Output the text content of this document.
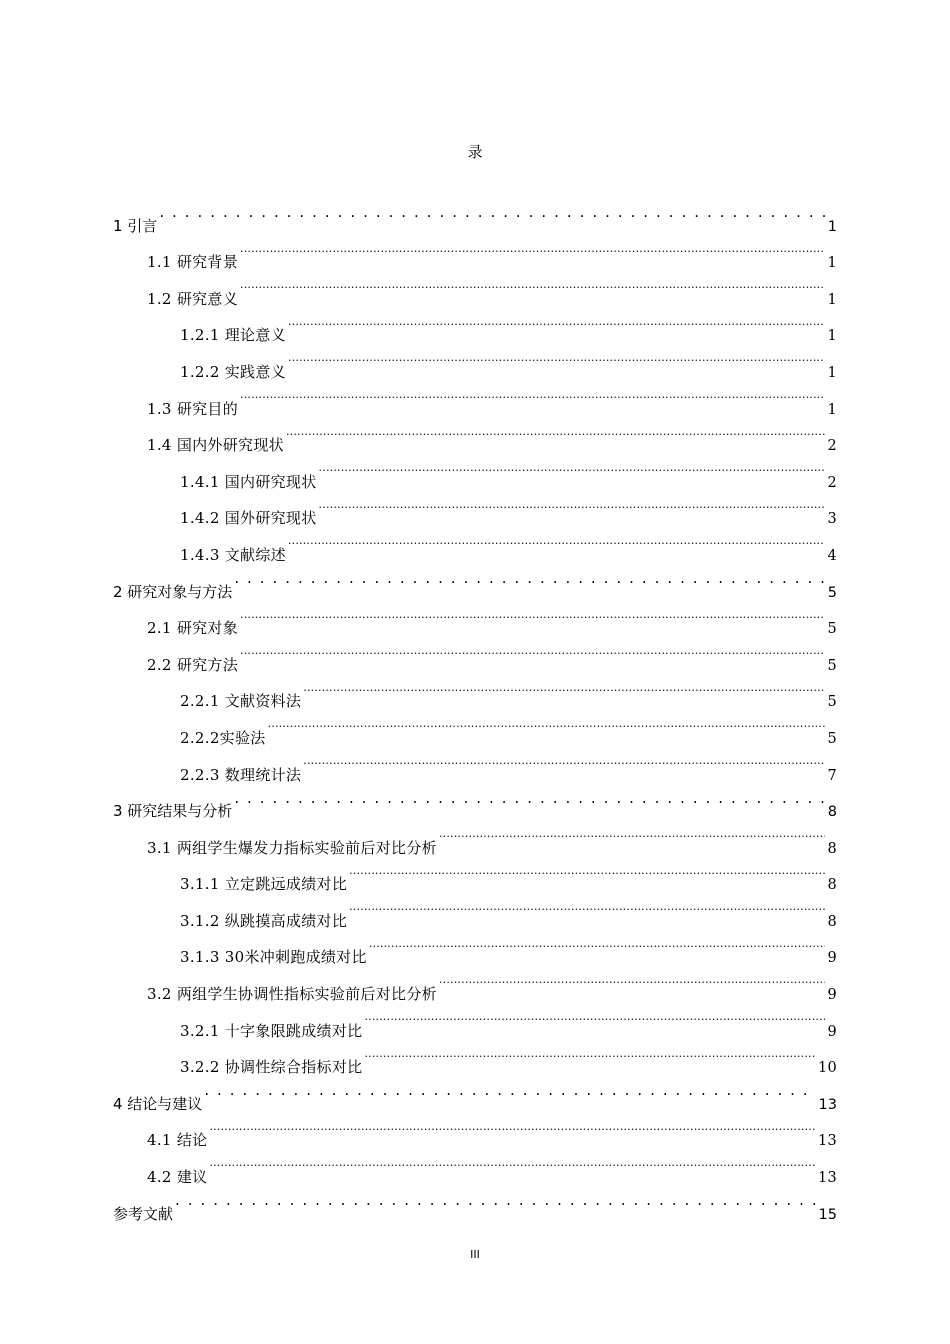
录
1 引言 . . .	1
1.1 研究背景 .....	1
1.2 研究意义 .....	1
1.2.1 理论意义 .....	1
1.2.2 实践意义 .....	1
1.3 研究目的 .....	1
1.4 国内外研究现状 .....	2
1.4.1 国内研究现状 .....	2
1.4.2 国外研究现状 .....	3
1.4.3 文献综述 .....	4
2 研究对象与方法 . . .	5
2.1 研究对象 .....	5
2.2 研究方法 .....	5
2.2.1 文献资料法 .....	5
2.2.2实验法 .....	5
2.2.3 数理统计法 .....	7
3 研究结果与分析 . . .	8
3.1 两组学生爆发力指标实验前后对比分析 .....	8
3.1.1 立定跳远成绩对比 .....	8
3.1.2 纵跳摸高成绩对比 .....	8
3.1.3 30米冲刺跑成绩对比 .....	9
3.2 两组学生协调性指标实验前后对比分析 .....	9
3.2.1 十字象限跳成绩对比 .....	9
3.2.2 协调性综合指标对比 .....	10
4 结论与建议 . . .	13
4.1 结论 .....	13
4.2 建议 .....	13
参考文献 . . .	15
III
